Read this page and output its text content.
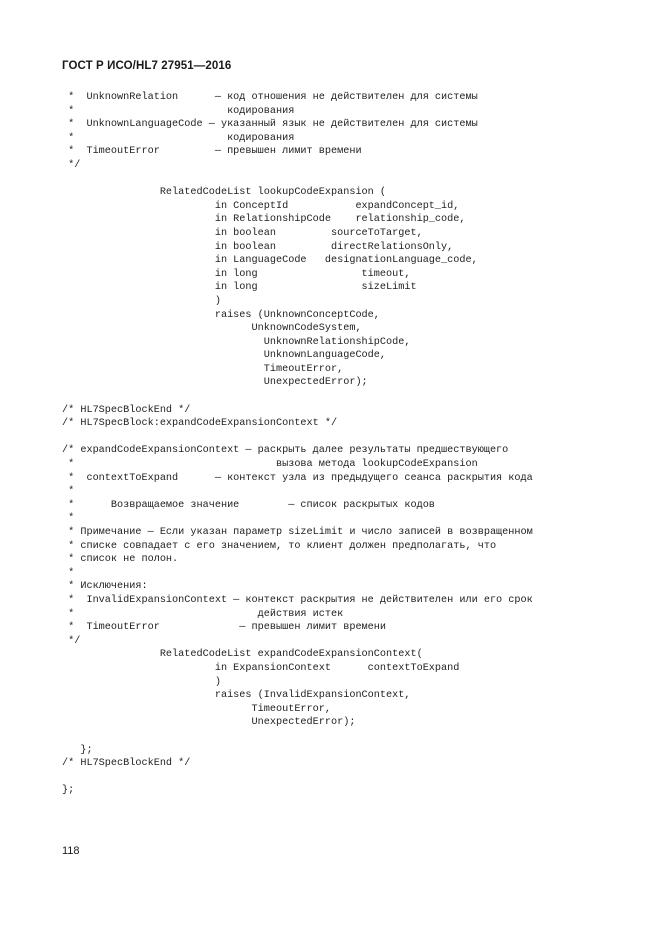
ГОСТ Р ИСО/HL7 27951—2016
*  UnknownRelation      — код отношения не действителен для системы
*                         кодирования
*  UnknownLanguageCode — указанный язык не действителен для системы
*                         кодирования
*  TimeoutError         — превышен лимит времени
*/
RelatedCodeList lookupCodeExpansion (
in ConceptId           expandConcept_id,
in RelationshipCode    relationship_code,
in boolean         sourceToTarget,
in boolean         directRelationsOnly,
in LanguageCode   designationLanguage_code,
in long                 timeout,
in long                 sizeLimit
)
raises (UnknownConceptCode,
UnknownCodeSystem,
UnknownRelationshipCode,
UnknownLanguageCode,
TimeoutError,
UnexpectedError);
/* HL7SpecBlockEnd */
/* HL7SpecBlock:expandCodeExpansionContext */
/* expandCodeExpansionContext — раскрыть далее результаты предшествующего
*                                 вызова метода lookupCodeExpansion
*  contextToExpand      — контекст узла из предыдущего сеанса раскрытия кода
*
*      Возвращаемое значение        — список раскрытых кодов
*
* Примечание — Если указан параметр sizeLimit и число записей в возвращенном
* списке совпадает с его значением, то клиент должен предполагать, что
* список не полон.
*
* Исключения:
*  InvalidExpansionContext — контекст раскрытия не действителен или его срок
*                              действия истек
*  TimeoutError             — превышен лимит времени
*/
RelatedCodeList expandCodeExpansionContext(
in ExpansionContext      contextToExpand
)
raises (InvalidExpansionContext,
TimeoutError,
UnexpectedError);
};
/* HL7SpecBlockEnd */
};
118
